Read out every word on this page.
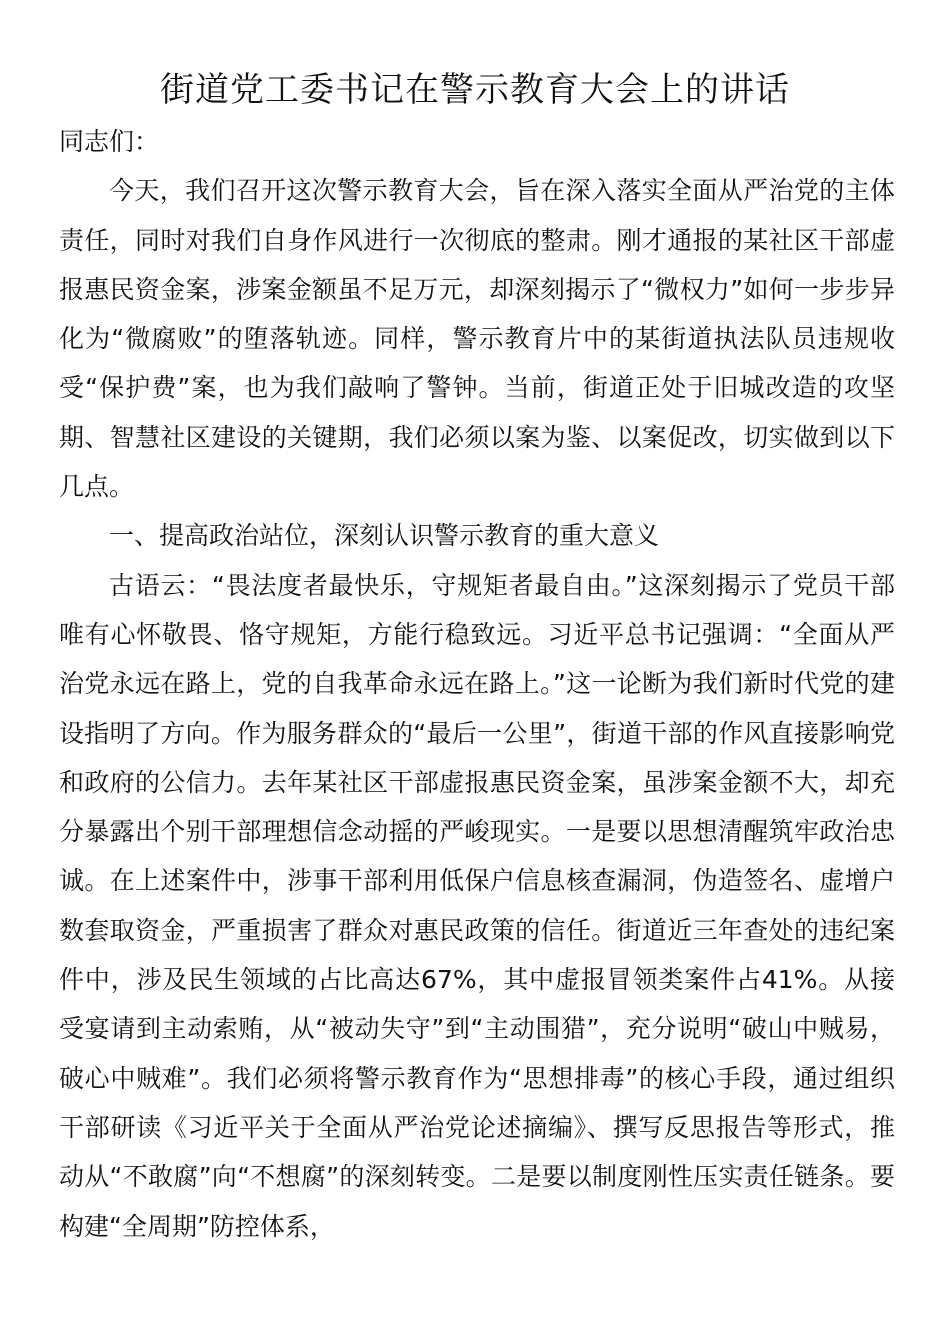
街道党工委书记在警示教育大会上的讲话

同志们：

今天，我们召开这次警示教育大会，旨在深入落实全面从严治党的主体责任，同时对我们自身作风进行一次彻底的整肃。刚才通报的某社区干部虚报惠民资金案，涉案金额虽不足万元，却深刻揭示了“微权力”如何一步步异化为“微腐败”的堕落轨迹。同样，警示教育片中的某街道执法队员违规收受“保护费”案，也为我们敲响了警钟。当前，街道正处于旧城改造的攻坚期、智慧社区建设的关键期，我们必须以案为鉴、以案促改，切实做到以下几点。

一、提高政治站位，深刻认识警示教育的重大意义

古语云：“畏法度者最快乐，守规矩者最自由。”这深刻揭示了党员干部唯有心怀敬畏、恪守规矩，方能行稳致远。习近平总书记强调：“全面从严治党永远在路上，党的自我革命永远在路上。”这一论断为我们新时代党的建设指明了方向。作为服务群众的“最后一公里”，街道干部的作风直接影响党和政府的公信力。去年某社区干部虚报惠民资金案，虽涉案金额不大，却充分暴露出个别干部理想信念动摇的严峻现实。一是要以思想清醒筑牢政治忠诚。在上述案件中，涉事干部利用低保户信息核查漏洞，伪造签名、虚增户数套取资金，严重损害了群众对惠民政策的信任。街道近三年查处的违纪案件中，涉及民生领域的占比高达67%，其中虚报冒领类案件占41%。从接受宴请到主动索贿，从“被动失守”到“主动围猎”，充分说明“破山中贼易，破心中贼难”。我们必须将警示教育作为“思想排毒”的核心手段，通过组织干部研读《习近平关于全面从严治党论述摘编》、撰写反思报告等形式，推动从“不敢腐”向“不想腐”的深刻转变。二是要以制度刚性压实责任链条。要构建“全周期”防控体系，
